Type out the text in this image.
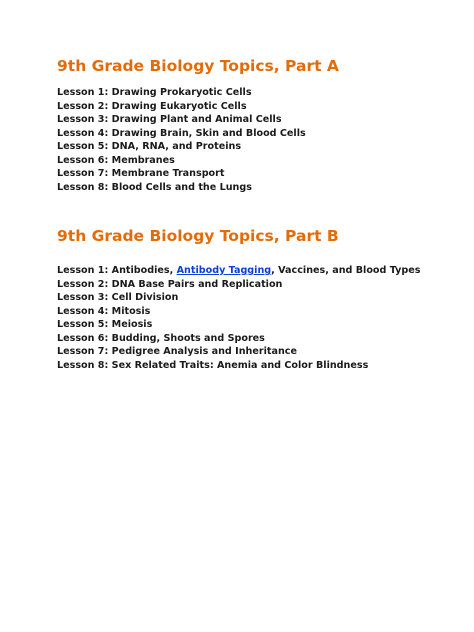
9th Grade Biology Topics, Part A
Lesson 1: Drawing Prokaryotic Cells
Lesson 2: Drawing Eukaryotic Cells
Lesson 3: Drawing Plant and Animal Cells
Lesson 4: Drawing Brain, Skin and Blood Cells
Lesson 5: DNA, RNA, and Proteins
Lesson 6: Membranes
Lesson 7: Membrane Transport
Lesson 8: Blood Cells and the Lungs
9th Grade Biology Topics, Part B
Lesson 1: Antibodies, Antibody Tagging, Vaccines, and Blood Types
Lesson 2: DNA Base Pairs and Replication
Lesson 3: Cell Division
Lesson 4: Mitosis
Lesson 5: Meiosis
Lesson 6: Budding, Shoots and Spores
Lesson 7: Pedigree Analysis and Inheritance
Lesson 8: Sex Related Traits: Anemia and Color Blindness
